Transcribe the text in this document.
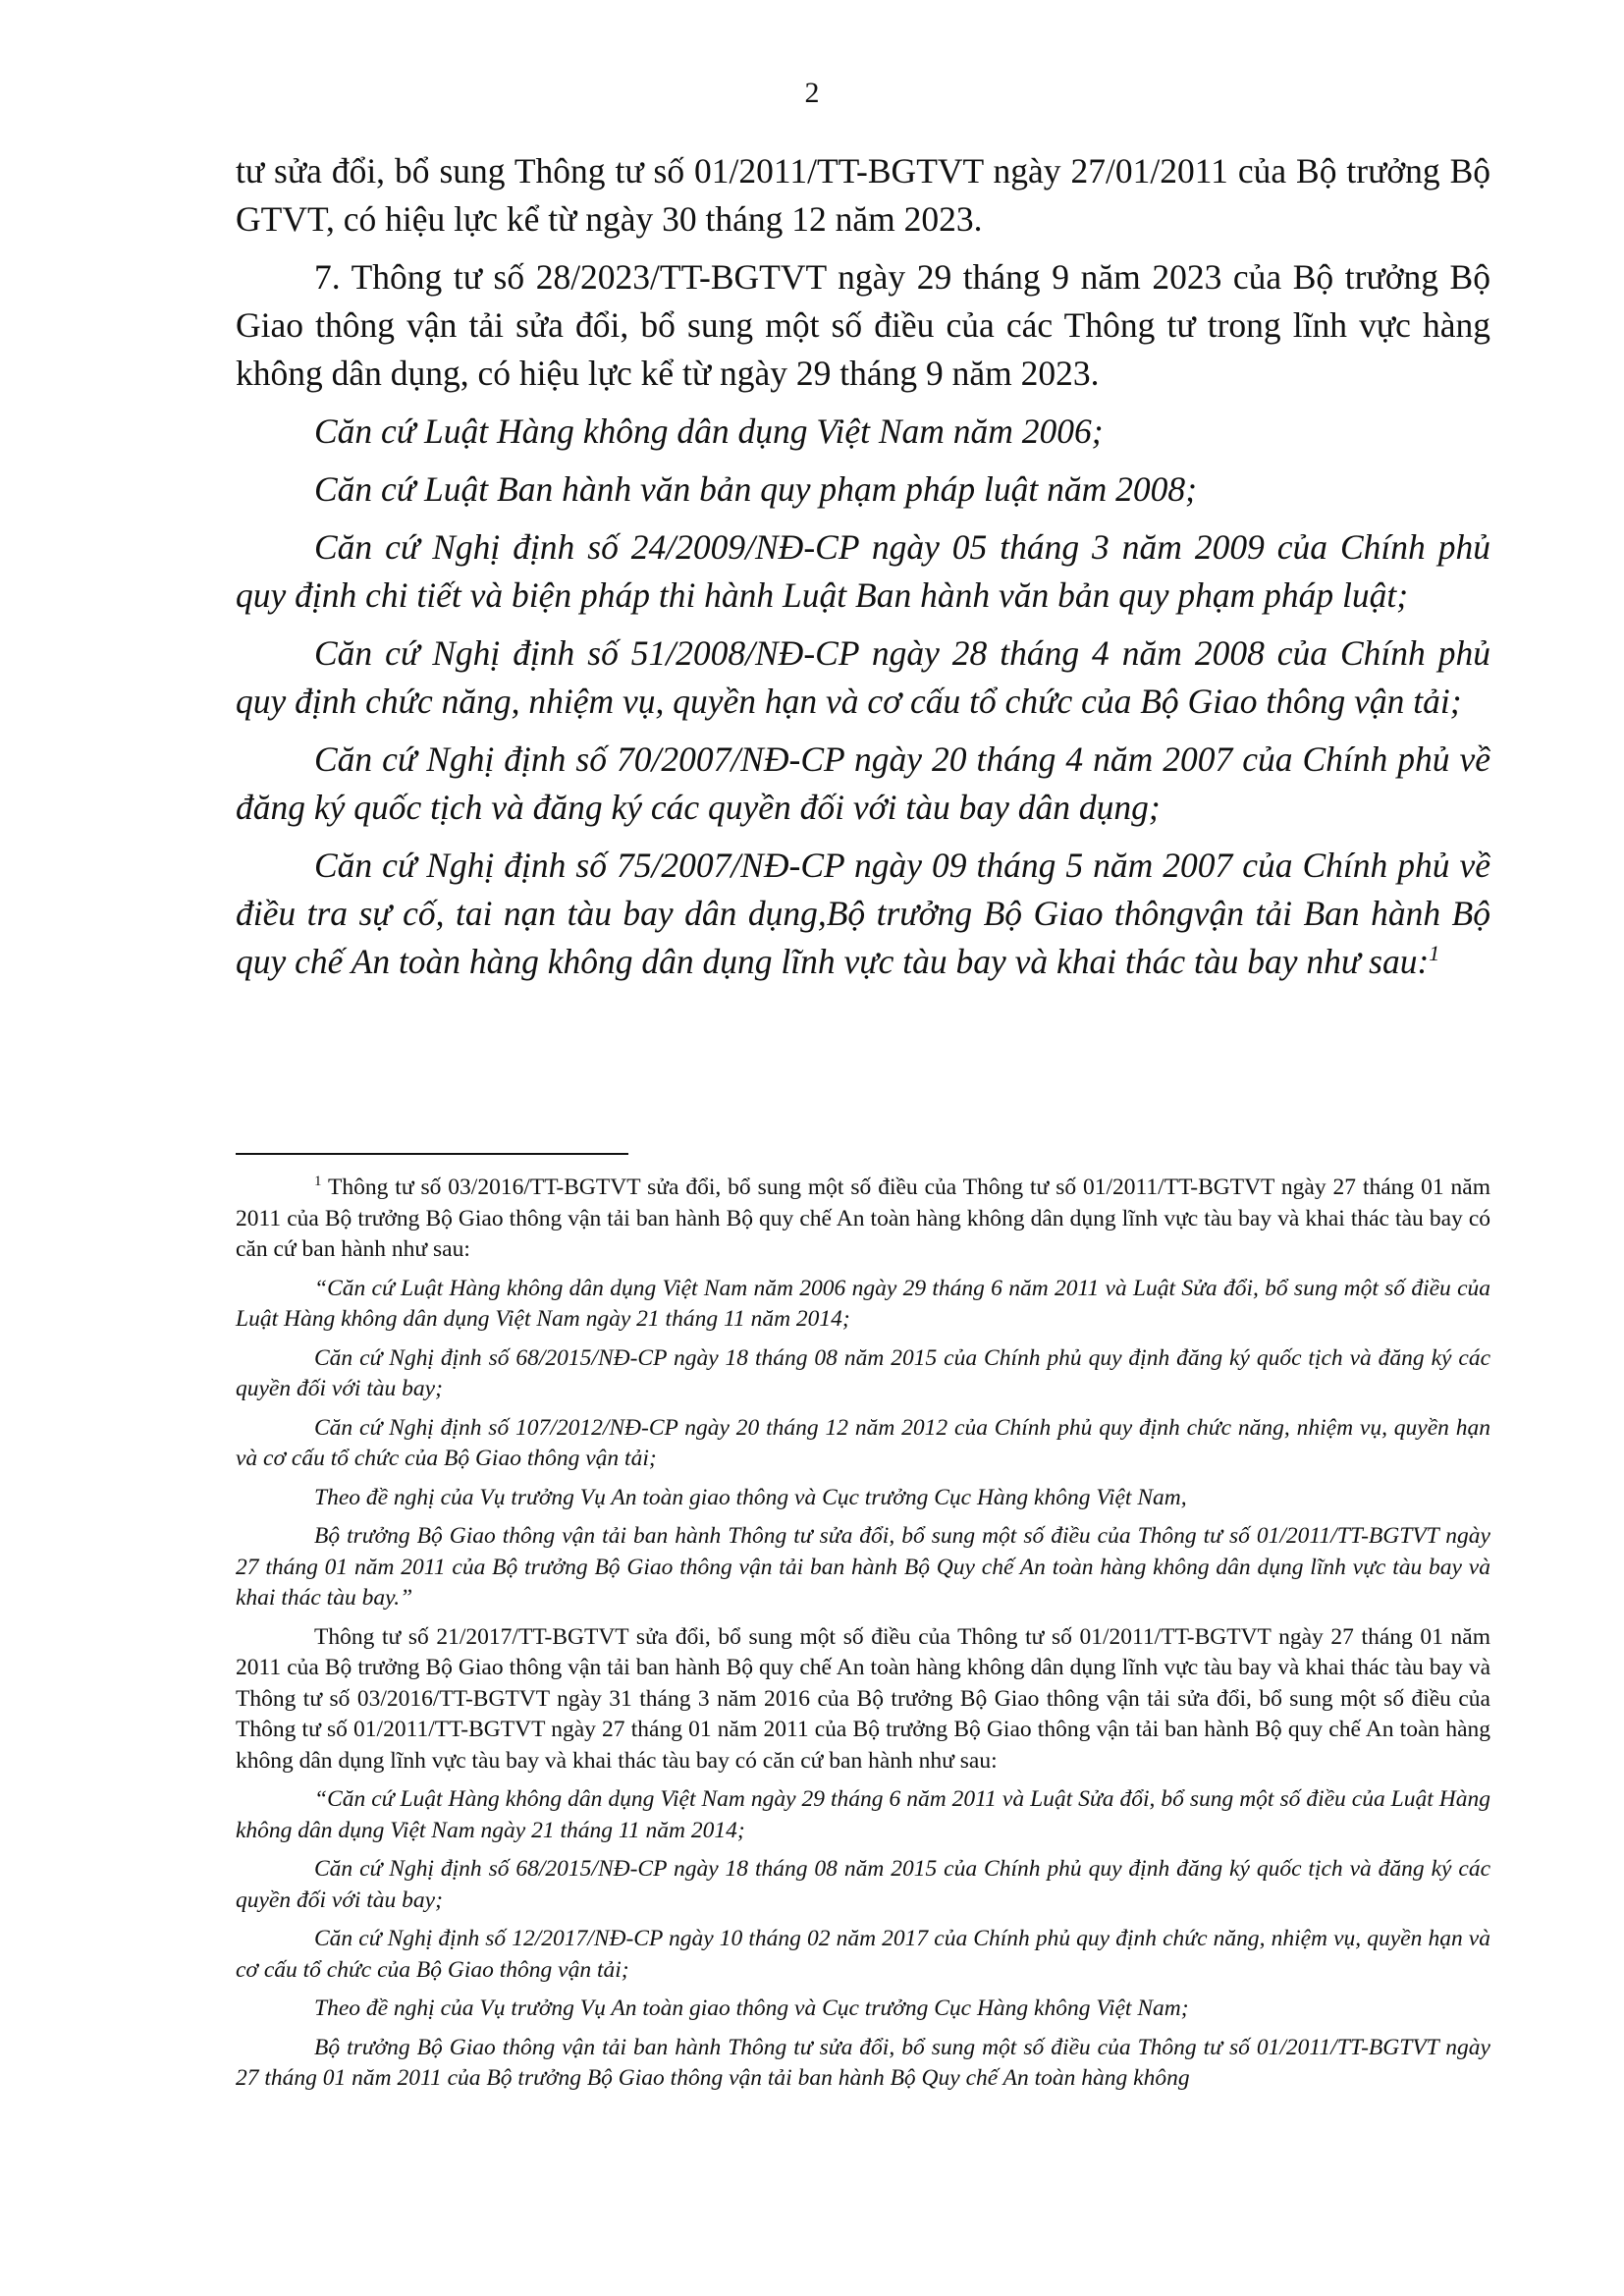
2

tư sửa đổi, bổ sung Thông tư số 01/2011/TT-BGTVT ngày 27/01/2011 của Bộ trưởng Bộ GTVT, có hiệu lực kể từ ngày 30 tháng 12 năm 2023.

7. Thông tư số 28/2023/TT-BGTVT ngày 29 tháng 9 năm 2023 của Bộ trưởng Bộ Giao thông vận tải sửa đổi, bổ sung một số điều của các Thông tư trong lĩnh vực hàng không dân dụng, có hiệu lực kể từ ngày 29 tháng 9 năm 2023.

Căn cứ Luật Hàng không dân dụng Việt Nam năm 2006;

Căn cứ Luật Ban hành văn bản quy phạm pháp luật năm 2008;

Căn cứ Nghị định số 24/2009/NĐ-CP ngày 05 tháng 3 năm 2009 của Chính phủ quy định chi tiết và biện pháp thi hành Luật Ban hành văn bản quy phạm pháp luật;

Căn cứ Nghị định số 51/2008/NĐ-CP ngày 28 tháng 4 năm 2008 của Chính phủ quy định chức năng, nhiệm vụ, quyền hạn và cơ cấu tổ chức của Bộ Giao thông vận tải;

Căn cứ Nghị định số 70/2007/NĐ-CP ngày 20 tháng 4 năm 2007 của Chính phủ về đăng ký quốc tịch và đăng ký các quyền đối với tàu bay dân dụng;

Căn cứ Nghị định số 75/2007/NĐ-CP ngày 09 tháng 5 năm 2007 của Chính phủ về điều tra sự cố, tai nạn tàu bay dân dụng,Bộ trưởng Bộ Giao thôngvận tải Ban hành Bộ quy chế An toàn hàng không dân dụng lĩnh vực tàu bay và khai thác tàu bay như sau:$^1$

$^1$ Thông tư số 03/2016/TT-BGTVT sửa đổi, bổ sung một số điều của Thông tư số 01/2011/TT-BGTVT ngày 27 tháng 01 năm 2011 của Bộ trưởng Bộ Giao thông vận tải ban hành Bộ quy chế An toàn hàng không dân dụng lĩnh vực tàu bay và khai thác tàu bay có căn cứ ban hành như sau:

“Căn cứ Luật Hàng không dân dụng Việt Nam năm 2006 ngày 29 tháng 6 năm 2011 và Luật Sửa đổi, bổ sung một số điều của Luật Hàng không dân dụng Việt Nam ngày 21 tháng 11 năm 2014;

Căn cứ Nghị định số 68/2015/NĐ-CP ngày 18 tháng 08 năm 2015 của Chính phủ quy định đăng ký quốc tịch và đăng ký các quyền đối với tàu bay;

Căn cứ Nghị định số 107/2012/NĐ-CP ngày 20 tháng 12 năm 2012 của Chính phủ quy định chức năng, nhiệm vụ, quyền hạn và cơ cấu tổ chức của Bộ Giao thông vận tải;

Theo đề nghị của Vụ trưởng Vụ An toàn giao thông và Cục trưởng Cục Hàng không Việt Nam,

Bộ trưởng Bộ Giao thông vận tải ban hành Thông tư sửa đổi, bổ sung một số điều của Thông tư số 01/2011/TT-BGTVT ngày 27 tháng 01 năm 2011 của Bộ trưởng Bộ Giao thông vận tải ban hành Bộ Quy chế An toàn hàng không dân dụng lĩnh vực tàu bay và khai thác tàu bay.”

Thông tư số 21/2017/TT-BGTVT sửa đổi, bổ sung một số điều của Thông tư số 01/2011/TT-BGTVT ngày 27 tháng 01 năm 2011 của Bộ trưởng Bộ Giao thông vận tải ban hành Bộ quy chế An toàn hàng không dân dụng lĩnh vực tàu bay và khai thác tàu bay và Thông tư số 03/2016/TT-BGTVT ngày 31 tháng 3 năm 2016 của Bộ trưởng Bộ Giao thông vận tải sửa đổi, bổ sung một số điều của Thông tư số 01/2011/TT-BGTVT ngày 27 tháng 01 năm 2011 của Bộ trưởng Bộ Giao thông vận tải ban hành Bộ quy chế An toàn hàng không dân dụng lĩnh vực tàu bay và khai thác tàu bay có căn cứ ban hành như sau:

“Căn cứ Luật Hàng không dân dụng Việt Nam ngày 29 tháng 6 năm 2011 và Luật Sửa đổi, bổ sung một số điều của Luật Hàng không dân dụng Việt Nam ngày 21 tháng 11 năm 2014;

Căn cứ Nghị định số 68/2015/NĐ-CP ngày 18 tháng 08 năm 2015 của Chính phủ quy định đăng ký quốc tịch và đăng ký các quyền đối với tàu bay;

Căn cứ Nghị định số 12/2017/NĐ-CP ngày 10 tháng 02 năm 2017 của Chính phủ quy định chức năng, nhiệm vụ, quyền hạn và cơ cấu tổ chức của Bộ Giao thông vận tải;

Theo đề nghị của Vụ trưởng Vụ An toàn giao thông và Cục trưởng Cục Hàng không Việt Nam;

Bộ trưởng Bộ Giao thông vận tải ban hành Thông tư sửa đổi, bổ sung một số điều của Thông tư số 01/2011/TT-BGTVT ngày 27 tháng 01 năm 2011 của Bộ trưởng Bộ Giao thông vận tải ban hành Bộ Quy chế An toàn hàng không
